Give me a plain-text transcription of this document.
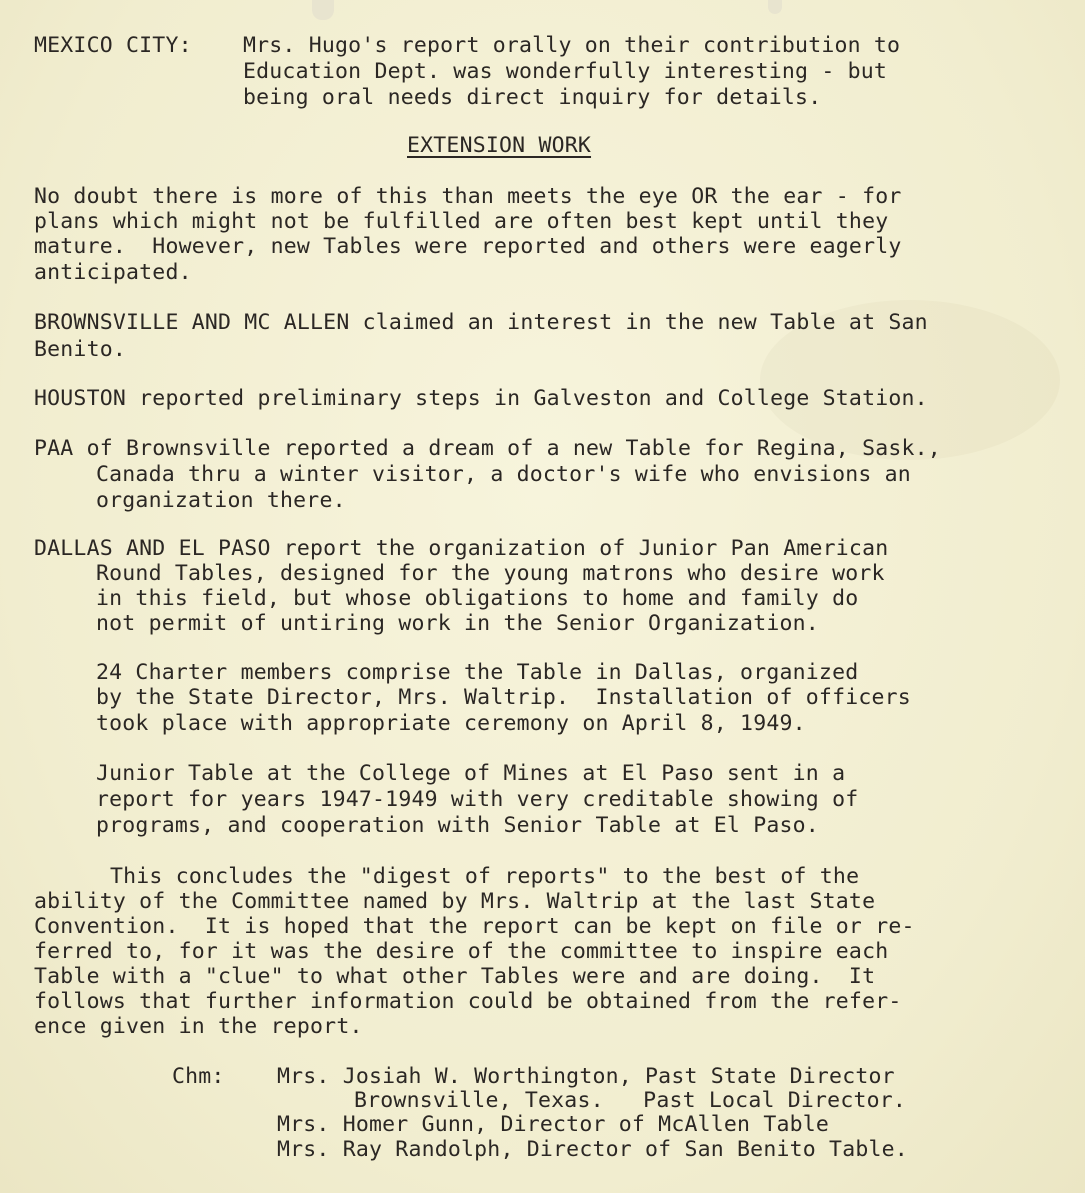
MEXICO CITY: Mrs. Hugo's report orally on their contribution to
Education Dept. was wonderfully interesting - but
being oral needs direct inquiry for details.
EXTENSION WORK
No doubt there is more of this than meets the eye OR the ear - for
plans which might not be fulfilled are often best kept until they
mature.  However, new Tables were reported and others were eagerly
anticipated.
BROWNSVILLE AND MC ALLEN claimed an interest in the new Table at San
Benito.
HOUSTON reported preliminary steps in Galveston and College Station.
PAA of Brownsville reported a dream of a new Table for Regina, Sask.,
Canada thru a winter visitor, a doctor's wife who envisions an
organization there.
DALLAS AND EL PASO report the organization of Junior Pan American
Round Tables, designed for the young matrons who desire work
in this field, but whose obligations to home and family do
not permit of untiring work in the Senior Organization.
24 Charter members comprise the Table in Dallas, organized
by the State Director, Mrs. Waltrip.  Installation of officers
took place with appropriate ceremony on April 8, 1949.
Junior Table at the College of Mines at El Paso sent in a
report for years 1947-1949 with very creditable showing of
programs, and cooperation with Senior Table at El Paso.
This concludes the "digest of reports" to the best of the
ability of the Committee named by Mrs. Waltrip at the last State
Convention.  It is hoped that the report can be kept on file or re-
ferred to, for it was the desire of the committee to inspire each
Table with a "clue" to what other Tables were and are doing.  It
follows that further information could be obtained from the refer-
ence given in the report.
Chm: Mrs. Josiah W. Worthington, Past State Director
Brownsville, Texas.   Past Local Director.
Mrs. Homer Gunn, Director of McAllen Table
Mrs. Ray Randolph, Director of San Benito Table.
